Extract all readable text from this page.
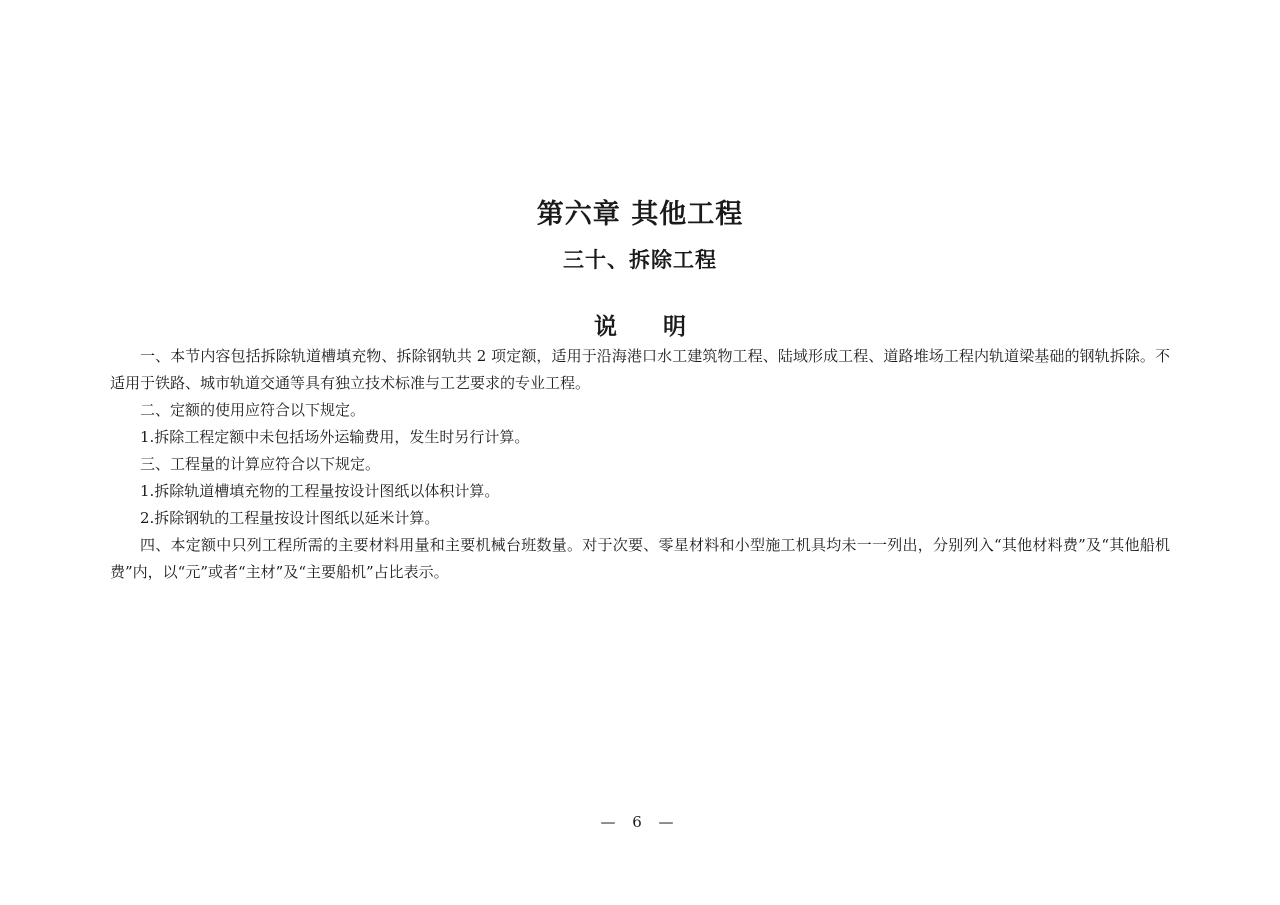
第六章 其他工程
三十、拆除工程
说 明

一、本节内容包括拆除轨道槽填充物、拆除钢轨共 2 项定额，适用于沿海港口水工建筑物工程、陆域形成工程、道路堆场工程内轨道梁基础的钢轨拆除。不适用于铁路、城市轨道交通等具有独立技术标准与工艺要求的专业工程。

二、定额的使用应符合以下规定。

1.拆除工程定额中未包括场外运输费用，发生时另行计算。

三、工程量的计算应符合以下规定。

1.拆除轨道槽填充物的工程量按设计图纸以体积计算。

2.拆除钢轨的工程量按设计图纸以延米计算。

四、本定额中只列工程所需的主要材料用量和主要机械台班数量。对于次要、零星材料和小型施工机具均未一一列出，分别列入“其他材料费”及“其他船机费”内，以“元”或者“主材”及“主要船机”占比表示。

— 6 —
